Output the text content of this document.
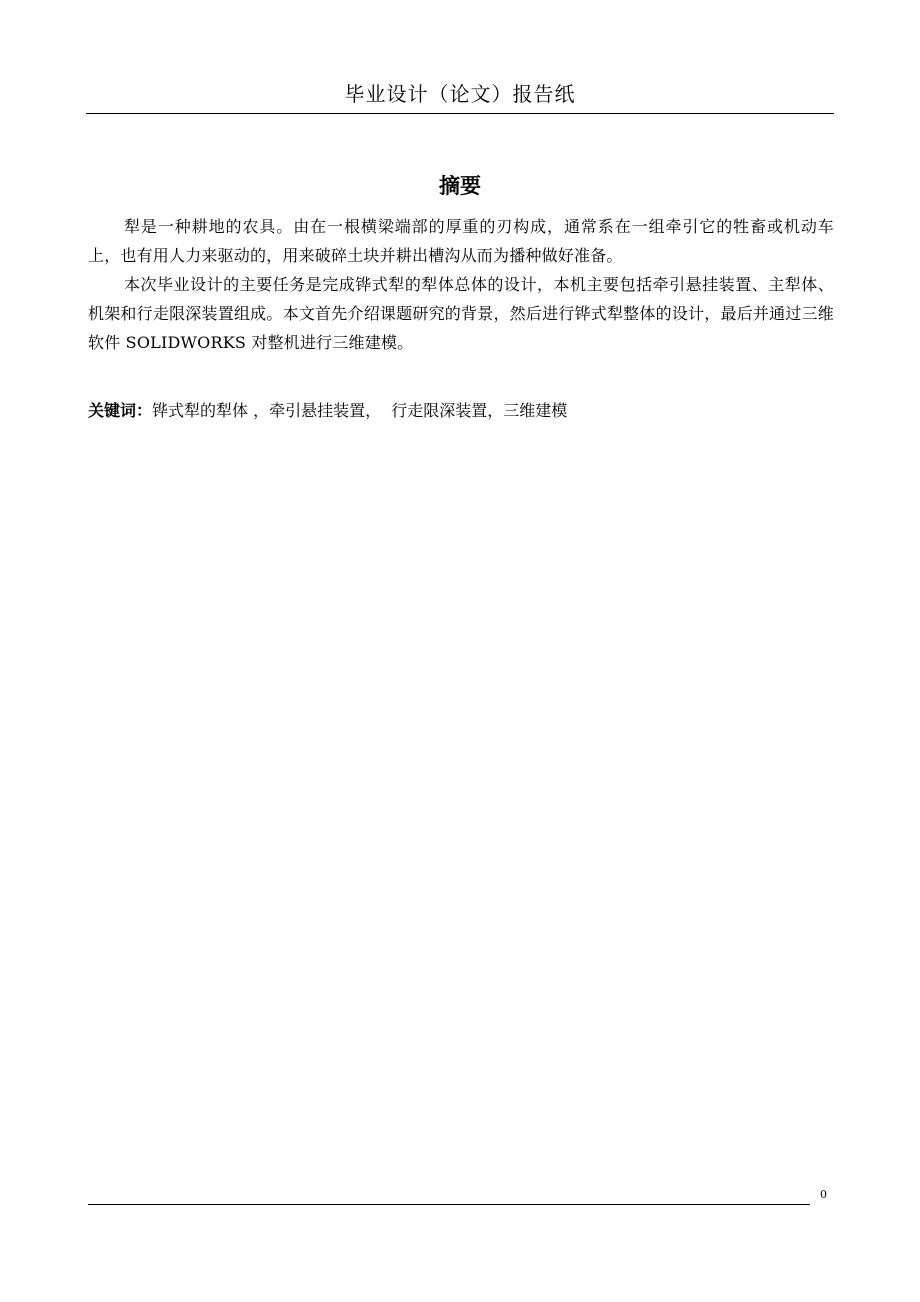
毕业设计（论文）报告纸
摘要

犁是一种耕地的农具。由在一根横梁端部的厚重的刃构成，通常系在一组牵引它的牲畜或机动车上，也有用人力来驱动的，用来破碎土块并耕出槽沟从而为播种做好准备。

本次毕业设计的主要任务是完成铧式犁的犁体总体的设计，本机主要包括牵引悬挂装置、主犁体、机架和行走限深装置组成。本文首先介绍课题研究的背景，然后进行铧式犁整体的设计，最后并通过三维软件 SOLIDWORKS 对整机进行三维建模。

关键词：铧式犁的犁体 ，牵引悬挂装置，  行走限深装置，三维建模
0
